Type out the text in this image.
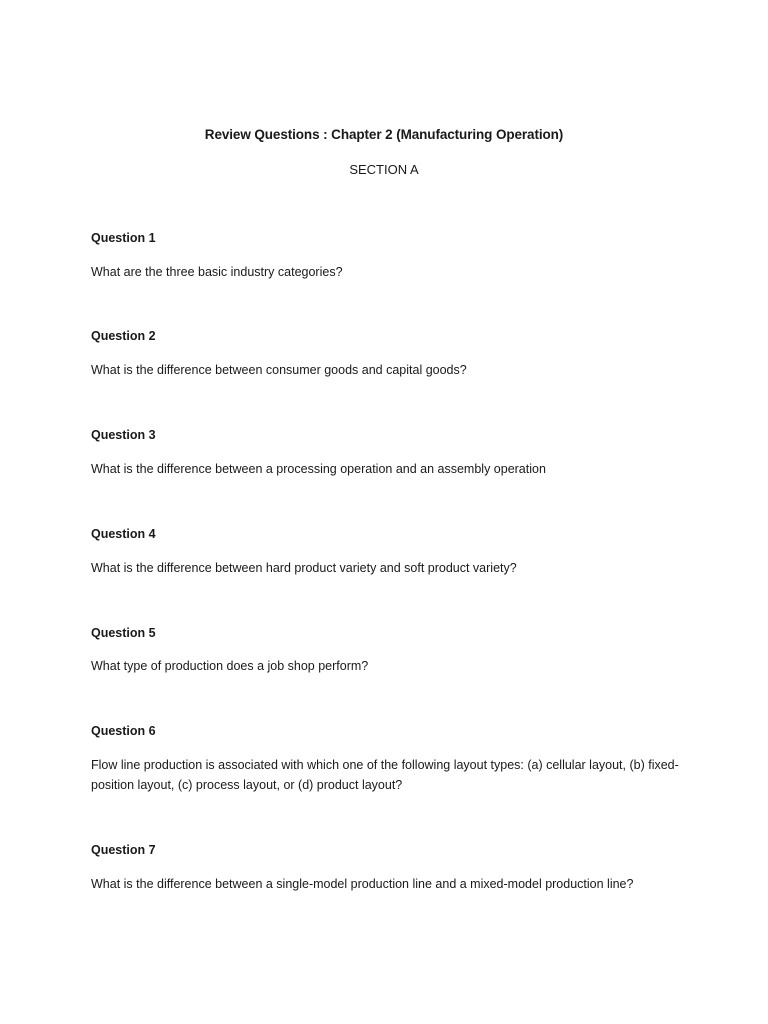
Review Questions : Chapter 2 (Manufacturing Operation)
SECTION A
Question 1
What are the three basic industry categories?
Question 2
What is the difference between consumer goods and capital goods?
Question 3
What is the difference between a processing operation and an assembly operation
Question 4
What is the difference between hard product variety and soft product variety?
Question 5
What type of production does a job shop perform?
Question 6
Flow line production is associated with which one of the following layout types: (a) cellular layout, (b) fixed-position layout, (c) process layout, or (d) product layout?
Question 7
What is the difference between a single-model production line and a mixed-model production line?
